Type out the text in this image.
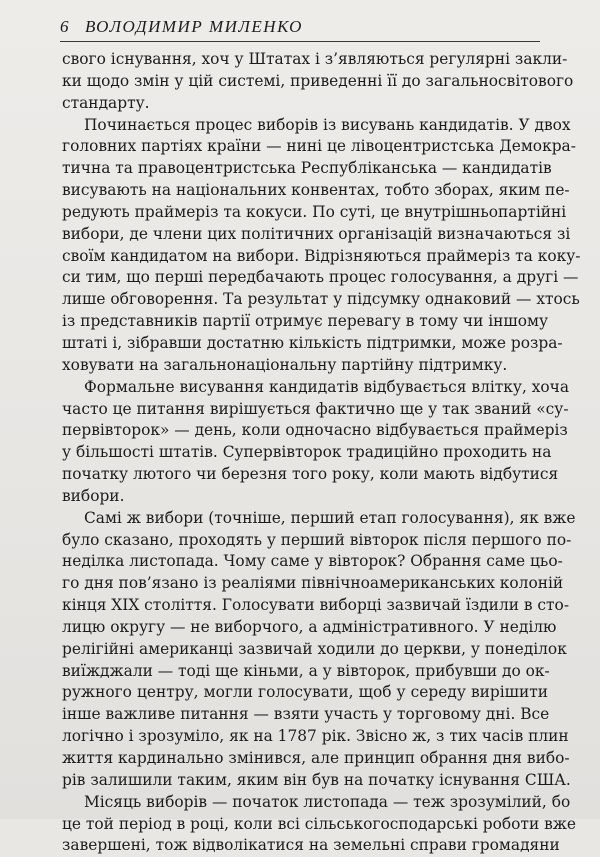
6 ВОЛОДИМИР МИЛЕНКО

свого існування, хоч у Штатах і з’являються регулярні закли-
ки щодо змін у цій системі, приведенні її до загальносвітового
стандарту.

Починається процес виборів із висувань кандидатів. У двох
головних партіях країни — нині це лівоцентристська Демокра-
тична та правоцентристська Республіканська — кандидатів
висувають на національних конвентах, тобто зборах, яким пе-
редують праймеріз та кокуси. По суті, це внутрішньопартійні
вибори, де члени цих політичних організацій визначаються зі
своїм кандидатом на вибори. Відрізняються праймеріз та коку-
си тим, що перші передбачають процес голосування, а другі —
лише обговорення. Та результат у підсумку однаковий — хтось
із представників партії отримує перевагу в тому чи іншому
штаті і, зібравши достатню кількість підтримки, може розра-
ховувати на загальнонаціональну партійну підтримку.

Формальне висування кандидатів відбувається влітку, хоча
часто це питання вирішується фактично ще у так званий «су-
первівторок» — день, коли одночасно відбувається праймеріз
у більшості штатів. Супервівторок традиційно проходить на
початку лютого чи березня того року, коли мають відбутися
вибори.

Самі ж вибори (точніше, перший етап голосування), як вже
було сказано, проходять у перший вівторок після першого по-
неділка листопада. Чому саме у вівторок? Обрання саме цьо-
го дня пов’язано із реаліями північноамериканських колоній
кінця XIX століття. Голосувати виборці зазвичай їздили в сто-
лицю округу — не виборчого, а адміністративного. У неділю
релігійні американці зазвичай ходили до церкви, у понеділок
виїжджали — тоді ще кіньми, а у вівторок, прибувши до ок-
ружного центру, могли голосувати, щоб у середу вирішити
інше важливе питання — взяти участь у торговому дні. Все
логічно і зрозуміло, як на 1787 рік. Звісно ж, з тих часів плин
життя кардинально змінився, але принцип обрання дня вибо-
рів залишили таким, яким він був на початку існування США.

Місяць виборів — початок листопада — теж зрозумілий, бо
це той період в році, коли всі сільськогосподарські роботи вже
завершені, тож відволікатися на земельні справи громадяни
